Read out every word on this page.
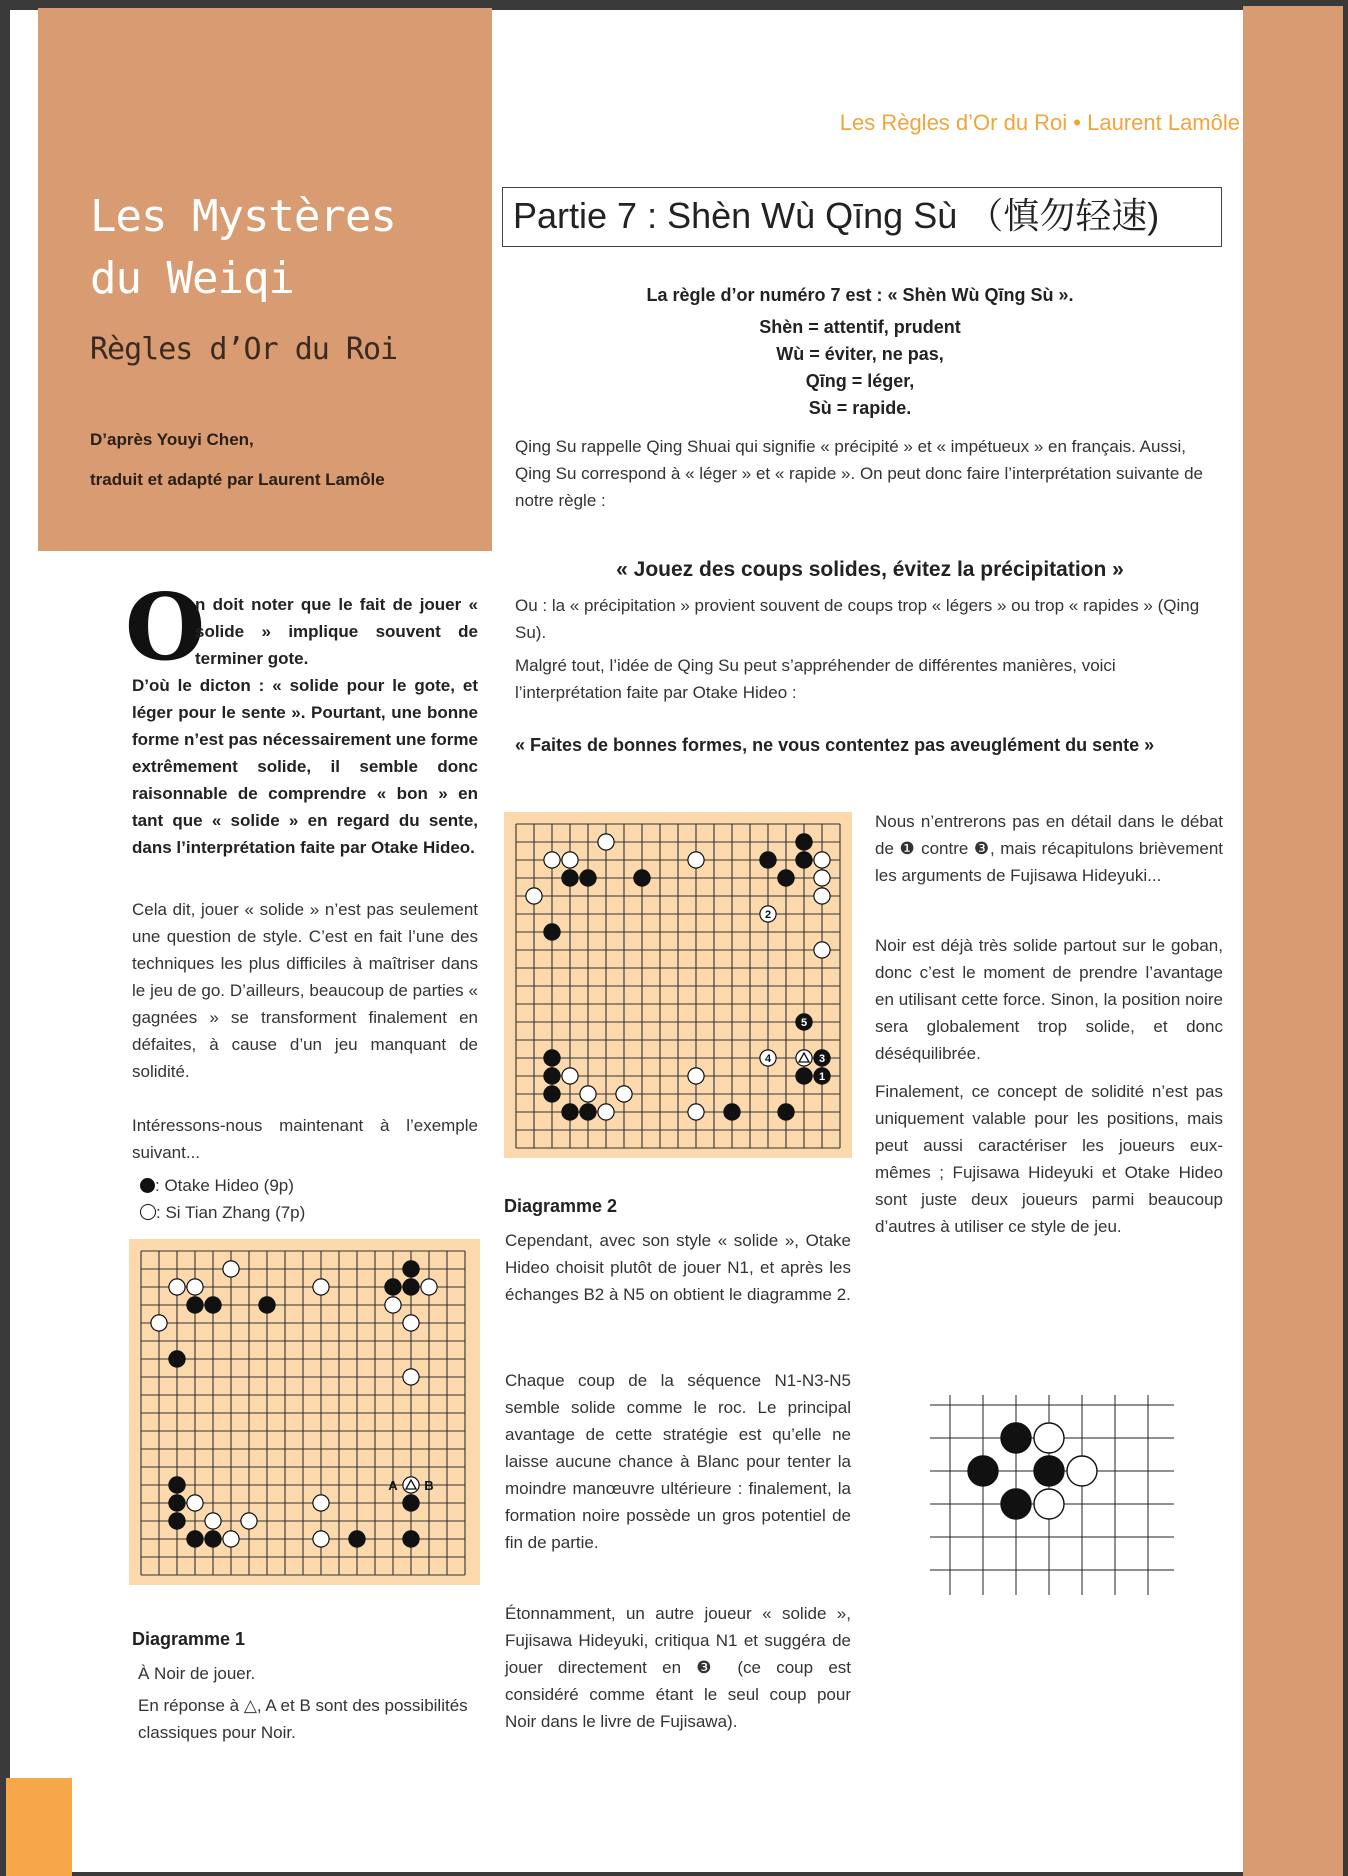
Les Mystères
du Weiqi
Règles d’Or du Roi
D’après Youyi Chen,
traduit et adapté par Laurent Lamôle
Les Règles d’Or du Roi • Laurent Lamôle
Partie 7 : Shèn Wù Qīng Sù （慎勿轻速)
La règle d’or numéro 7 est : « Shèn Wù Qīng Sù ».
Shèn = attentif, prudent
Wù = éviter, ne pas,
Qīng = léger,
Sù = rapide.
Qing Su rappelle Qing Shuai qui signifie « précipité » et « impétueux » en français. Aussi, Qing Su correspond à « léger » et « rapide ». On peut donc faire l’interprétation suivante de notre règle :
« Jouez des coups solides, évitez la précipitation »
Ou : la « précipitation » provient souvent de coups trop « légers » ou trop « rapides » (Qing Su).
Malgré tout, l’idée de Qing Su peut s’appréhender de différentes manières, voici l’interprétation faite par Otake Hideo :
« Faites de bonnes formes, ne vous contentez pas aveuglément du sente »
O
n doit noter que le fait de jouer « solide » implique souvent de terminer gote.
D’où le dicton : « solide pour le gote, et léger pour le sente ». Pourtant, une bonne forme n’est pas nécessairement une forme extrêmement solide, il semble donc raisonnable de comprendre « bon » en tant que « solide » en regard du sente, dans l’interprétation faite par Otake Hideo.
Cela dit, jouer « solide » n’est pas seulement une question de style. C’est en fait l’une des techniques les plus difficiles à maîtriser dans le jeu de go. D’ailleurs, beaucoup de parties « gagnées » se transforment finalement en défaites, à cause d’un jeu manquant de solidité.
Intéressons-nous maintenant à l’exemple suivant...
: Otake Hideo (9p)
: Si Tian Zhang (7p)
A B
Diagramme 1
À Noir de jouer.
En réponse à △, A et B sont des possibilités classiques pour Noir.
1
2
3
4
5
Diagramme 2
Cependant, avec son style « solide », Otake Hideo choisit plutôt de jouer N1, et après les échanges B2 à N5 on obtient le diagramme 2.
Chaque coup de la séquence N1-N3-N5 semble solide comme le roc. Le principal avantage de cette stratégie est qu’elle ne laisse aucune chance à Blanc pour tenter la moindre manœuvre ultérieure : finalement, la formation noire possède un gros potentiel de fin de partie.
Étonnamment, un autre joueur « solide », Fujisawa Hideyuki, critiqua N1 et suggéra de jouer directement en ❸ (ce coup est considéré comme étant le seul coup pour Noir dans le livre de Fujisawa).
Nous n’entrerons pas en détail dans le débat de ❶ contre ❸, mais récapitulons brièvement les arguments de Fujisawa Hideyuki...
Noir est déjà très solide partout sur le goban, donc c’est le moment de prendre l’avantage en utilisant cette force. Sinon, la position noire sera globalement trop solide, et donc déséquilibrée.
Finalement, ce concept de solidité n’est pas uniquement valable pour les positions, mais peut aussi caractériser les joueurs eux-mêmes ; Fujisawa Hideyuki et Otake Hideo sont juste deux joueurs parmi beaucoup d’autres à utiliser ce style de jeu.
